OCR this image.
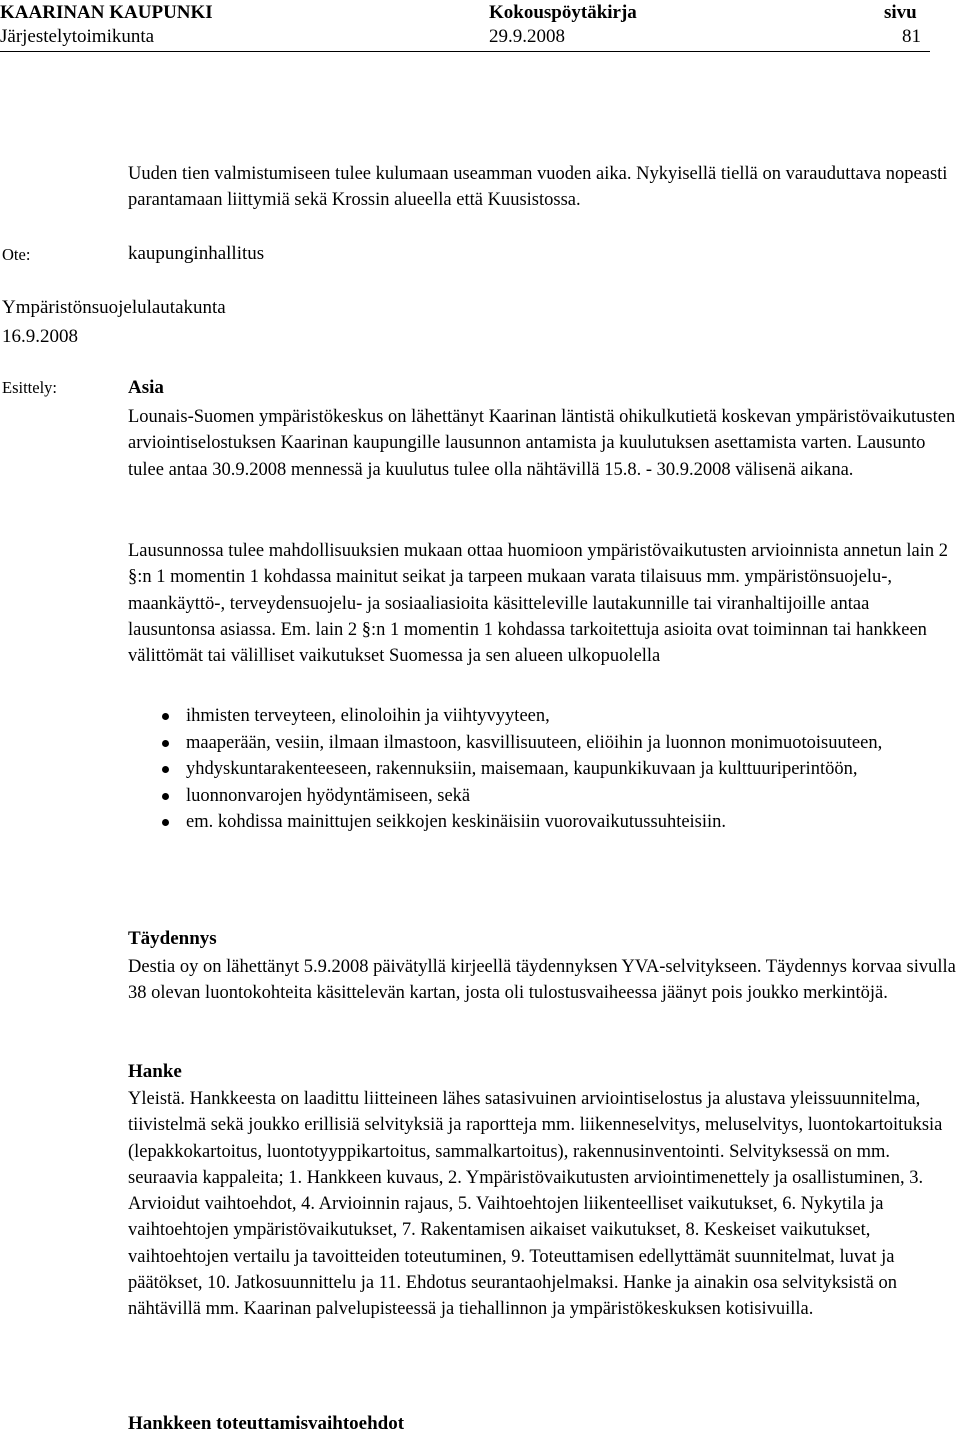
KAARINAN KAUPUNKI	Kokouspöytäkirja	sivu
Järjestelytoimikunta	29.9.2008	81

Uuden tien valmistumiseen tulee kulumaan useamman vuoden aika. Nykyisellä tiellä on varauduttava nopeasti parantamaan liittymiä sekä Krossin alueella että Kuusistossa.

Ote:	kaupunginhallitus

Ympäristönsuojelulautakunta

16.9.2008

Esittely:	Asia

Lounais-Suomen ympäristökeskus on lähettänyt Kaarinan läntistä ohikulkutietä koskevan ympäristövaikutusten arviointiselostuksen Kaarinan kaupungille lausunnon antamista ja kuulutuksen asettamista varten. Lausunto tulee antaa 30.9.2008 mennessä ja kuulutus tulee olla nähtävillä 15.8. - 30.9.2008 välisenä aikana.

Lausunnossa tulee mahdollisuuksien mukaan ottaa huomioon ympäristövaikutusten arvioinnista annetun lain 2 §:n 1 momentin 1 kohdassa mainitut seikat ja tarpeen mukaan varata tilaisuus mm. ympäristönsuojelu-, maankäyttö-, terveydensuojelu- ja sosiaaliasioita käsitteleville lautakunnille tai viranhaltijoille antaa lausuntonsa asiassa. Em. lain 2 §:n 1 momentin 1 kohdassa tarkoitettuja asioita ovat toiminnan tai hankkeen välittömät tai välilliset vaikutukset Suomessa ja sen alueen ulkopuolella

ihmisten terveyteen, elinoloihin ja viihtyvyyteen,
maaperään, vesiin, ilmaan ilmastoon, kasvillisuuteen, eliöihin ja luonnon monimuotoisuuteen,
yhdyskuntarakenteeseen, rakennuksiin, maisemaan, kaupunkikuvaan ja kulttuuriperintöön,
luonnonvarojen hyödyntämiseen, sekä
em. kohdissa mainittujen seikkojen keskinäisiin vuorovaikutussuhteisiin.

Täydennys

Destia oy on lähettänyt 5.9.2008 päivätyllä kirjeellä täydennyksen YVA-selvitykseen. Täydennys korvaa sivulla 38 olevan luontokohteita käsittelevän kartan, josta oli tulostusvaiheessa jäänyt pois joukko merkintöjä.

Hanke

Yleistä. Hankkeesta on laadittu liitteineen lähes satasivuinen arviointiselostus ja alustava yleissuunnitelma, tiivistelmä sekä joukko erillisiä selvityksiä ja raportteja mm. liikenneselvitys, meluselvitys, luontokartoituksia (lepakkokartoitus, luontotyyppikartoitus, sammalkartoitus), rakennusinventointi. Selvityksessä on mm. seuraavia kappaleita; 1. Hankkeen kuvaus, 2. Ympäristövaikutusten arviointimenettely ja osallistuminen, 3. Arvioidut vaihtoehdot, 4. Arvioinnin rajaus, 5. Vaihtoehtojen liikenteelliset vaikutukset, 6. Nykytila ja vaihtoehtojen ympäristövaikutukset, 7. Rakentamisen aikaiset vaikutukset, 8. Keskeiset vaikutukset, vaihtoehtojen vertailu ja tavoitteiden toteutuminen, 9. Toteuttamisen edellyttämät suunnitelmat, luvat ja päätökset, 10. Jatkosuunnittelu ja 11. Ehdotus seurantaohjelmaksi. Hanke ja ainakin osa selvityksistä on nähtävillä mm. Kaarinan palvelupisteessä ja tiehallinnon ja ympäristökeskuksen kotisivuilla.

Hankkeen toteuttamisvaihtoehdot
